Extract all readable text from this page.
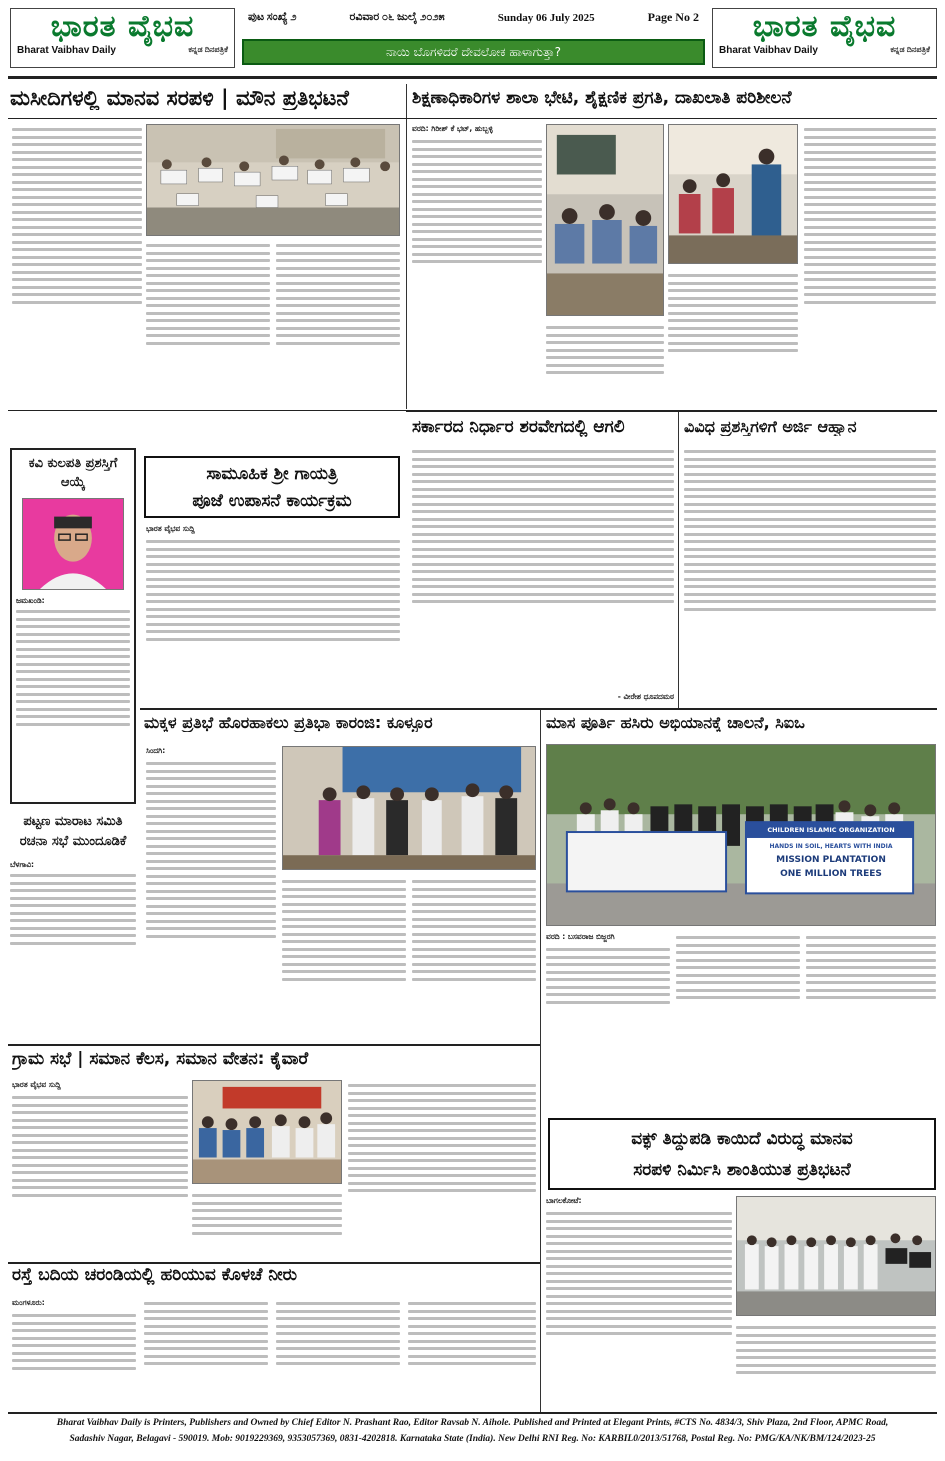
ಭಾರತ ವೈಭವ
Bharat Vaibhav Daily	ಕನ್ನಡ ದಿನಪತ್ರಿಕೆ
ಪುಟ ಸಂಖ್ಯೆ ೨	ರವಿವಾರ ೦೬ ಜುಲೈ ೨೦೨೫	Sunday 06 July 2025	Page No 2
ನಾಯಿ ಬೊಗಳಿದರೆ ದೇವಲೋಕ ಹಾಳಾಗುತ್ತಾ?
ಭಾರತ ವೈಭವ
Bharat Vaibhav Daily	ಕನ್ನಡ ದಿನಪತ್ರಿಕೆ
ಮಸೀದಿಗಳಲ್ಲಿ ಮಾನವ ಸರಪಳಿ | ಮೌನ ಪ್ರತಿಭಟನೆ	ಶಿಕ್ಷಣಾಧಿಕಾರಿಗಳ ಶಾಲಾ ಭೇಟಿ, ಶೈಕ್ಷಣಿಕ ಪ್ರಗತಿ, ದಾಖಲಾತಿ ಪರಿಶೀಲನೆ
ವರದಿ: ಗಿರೀಶ್ ಕೆ ಭಟ್, ಹುಬ್ಬಳ್ಳಿ
ಸರ್ಕಾರದ ನಿರ್ಧಾರ ಶರವೇಗದಲ್ಲಿ ಆಗಲಿ
- ವೀರೇಶ ಧೂಪದಮಠ
ವಿವಿಧ ಪ್ರಶಸ್ತಿಗಳಿಗೆ ಅರ್ಜಿ ಆಹ್ವಾನ
ಕವಿ ಕುಲಪತಿ ಪ್ರಶಸ್ತಿಗೆ ಆಯ್ಕೆ
ಜಮಖಂಡಿ:
ಸಾಮೂಹಿಕ ಶ್ರೀ ಗಾಯತ್ರಿ
ಪೂಜೆ ಉಪಾಸನೆ ಕಾರ್ಯಕ್ರಮ
ಭಾರತ ವೈಭವ ಸುದ್ದಿ
ಪಟ್ಟಣ ಮಾರಾಟ ಸಮಿತಿ ರಚನಾ ಸಭೆ ಮುಂದೂಡಿಕೆ
ಬೆಳಗಾವಿ:
ಮಕ್ಕಳ ಪ್ರತಿಭೆ ಹೊರಹಾಕಲು ಪ್ರತಿಭಾ ಕಾರಂಜಿ: ಕೂಳ್ಳೂರ
ಸಿಂದಗಿ:
ಮಾಸ ಪೂರ್ತಿ ಹಸಿರು ಅಭಿಯಾನಕ್ಕೆ ಚಾಲನೆ, ಸಿಐಒ
CHILDREN ISLAMIC ORGANIZATION
HANDS IN SOIL, HEARTS WITH INDIA
MISSION PLANTATION
ONE MILLION TREES
ವರದಿ : ಬಸವರಾಜ ಬಿಜ್ಜರಗಿ
ಗ್ರಾಮ ಸಭೆ | ಸಮಾನ ಕೆಲಸ, ಸಮಾನ ವೇತನ: ಕೈವಾರೆ
ಭಾರತ ವೈಭವ ಸುದ್ದಿ
ವಕ್ಫ್ ತಿದ್ದುಪಡಿ ಕಾಯಿದೆ ವಿರುದ್ಧ ಮಾನವ
ಸರಪಳಿ ನಿರ್ಮಿಸಿ ಶಾಂತಿಯುತ ಪ್ರತಿಭಟನೆ
ಬಾಗಲಕೋಟೆ:
ರಸ್ತೆ ಬದಿಯ ಚರಂಡಿಯಲ್ಲಿ ಹರಿಯುವ ಕೊಳಚೆ ನೀರು
ಮಂಗಳೂರು:
Bharat Vaibhav Daily is Printers, Publishers and Owned by Chief Editor N. Prashant Rao, Editor Ravsab N. Aihole. Published and Printed at Elegant Prints, #CTS No. 4834/3, Shiv Plaza, 2nd Floor, APMC Road,
Sadashiv Nagar, Belagavi - 590019. Mob: 9019229369, 9353057369, 0831-4202818. Karnataka State (India). New Delhi RNI Reg. No: KARBIL0/2013/51768, Postal Reg. No: PMG/KA/NK/BM/124/2023-25
